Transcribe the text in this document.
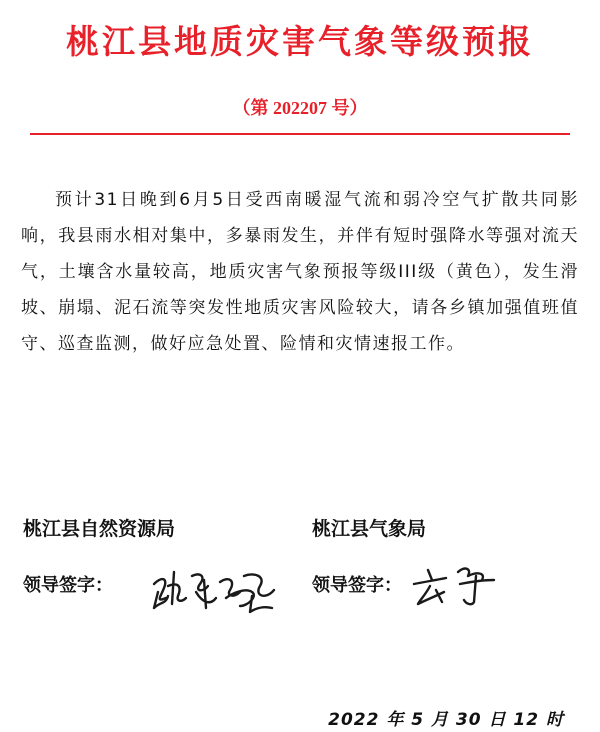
桃江县地质灾害气象等级预报
（第 202207 号）

预计31日晚到6月5日受西南暖湿气流和弱冷空气扩散共同影响，我县雨水相对集中，多暴雨发生，并伴有短时强降水等强对流天气，土壤含水量较高，地质灾害气象预报等级III级（黄色），发生滑坡、崩塌、泥石流等突发性地质灾害风险较大，请各乡镇加强值班值守、巡查监测，做好应急处置、险情和灾情速报工作。

桃江县自然资源局	桃江县气象局
领导签字：	领导签字：
2022 年 5 月 30 日 12 时
